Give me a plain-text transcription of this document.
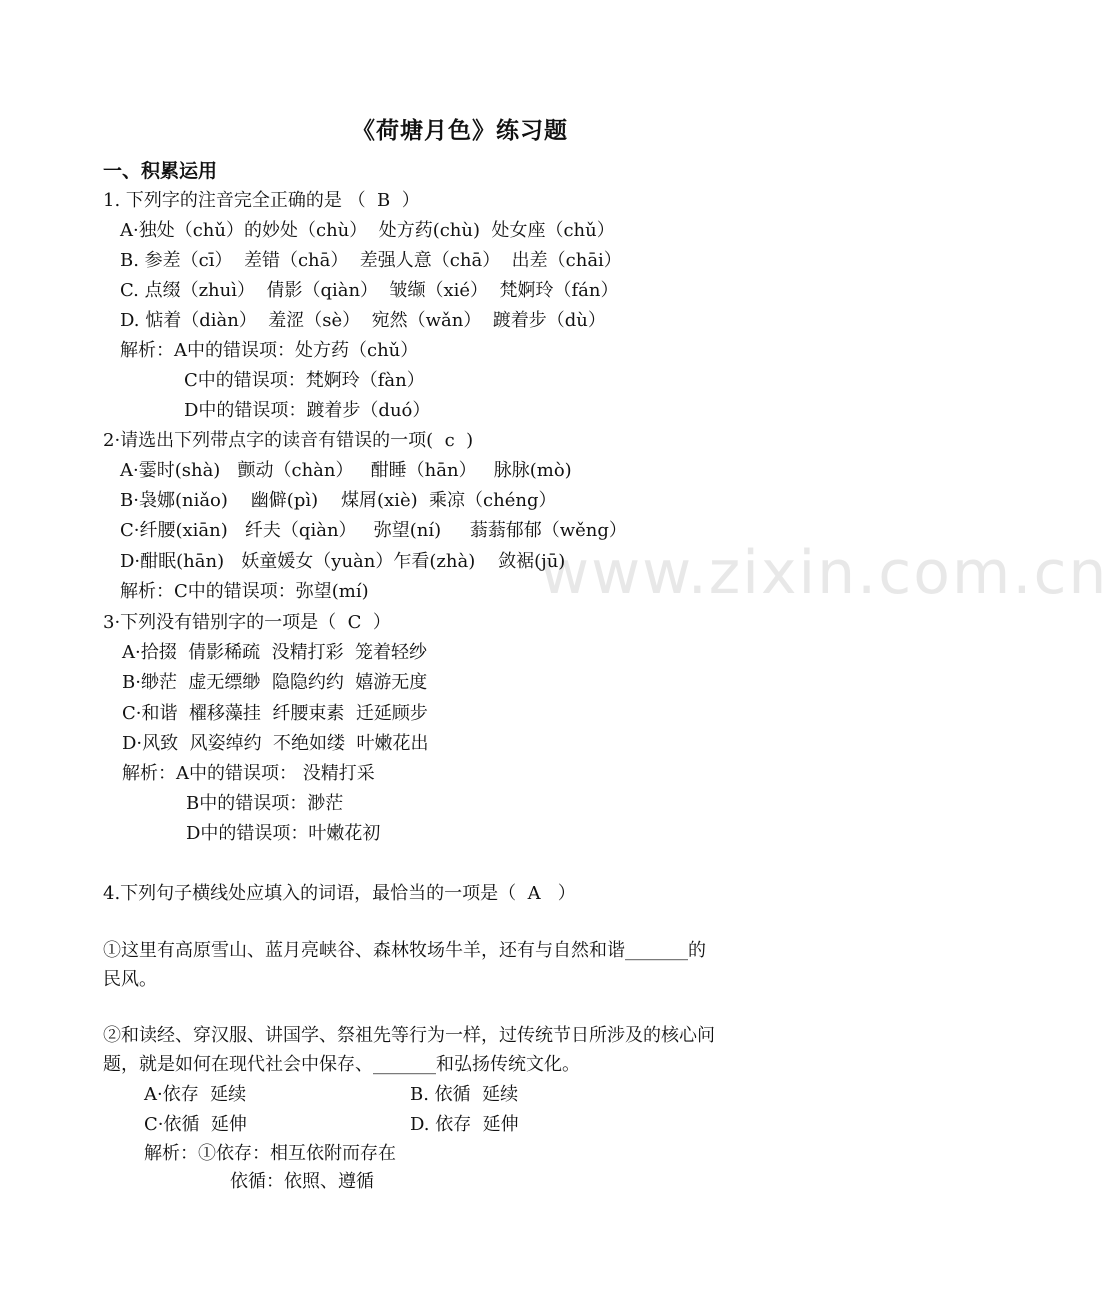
www.zixin.com.cn
《荷塘月色》练习题
一、积累运用
1. 下列字的注音完全正确的是 （  B  ）
A·独处（chǔ）的妙处（chù）  处方药(chù)  处女座（chǔ）
B. 参差（cī）  差错（chā）  差强人意（chā）  出差（chāi）
C. 点缀（zhuì）  倩影（qiàn）  皱缬（xié）  梵婀玲（fán）
D. 惦着（diàn）  羞涩（sè）  宛然（wǎn）  踱着步（dù）
解析：A中的错误项：处方药（chǔ）
C中的错误项：梵婀玲（fàn）
D中的错误项：踱着步（duó）
2·请选出下列带点字的读音有错误的一项(  c  )
A·霎时(shà)   颤动（chàn）   酣睡（hān）   脉脉(mò)
B·袅娜(niǎo)    幽僻(pì)    煤屑(xiè)  乘凉（chéng）
C·纤腰(xiān)   纤夫（qiàn）   弥望(ní)     蓊蓊郁郁（wěng）
D·酣眠(hān)   妖童媛女（yuàn）乍看(zhà)    敛裾(jū)
解析：C中的错误项：弥望(mí)
3·下列没有错别字的一项是（  C  ）
A·拾掇  倩影稀疏  没精打彩  笼着轻纱
B·缈茫  虚无缥缈  隐隐约约  嬉游无度
C·和谐  櫂移藻挂  纤腰束素  迁延顾步
D·风致  风姿绰约  不绝如缕  叶嫩花出
解析：A中的错误项： 没精打采
B中的错误项：渺茫
D中的错误项：叶嫩花初
4.下列句子横线处应填入的词语，最恰当的一项是（  A   ）
①这里有高原雪山、蓝月亮峡谷、森林牧场牛羊，还有与自然和谐_______的
民风。
②和读经、穿汉服、讲国学、祭祖先等行为一样，过传统节日所涉及的核心问
题，就是如何在现代社会中保存、_______和弘扬传统文化。
A·依存  延续	B. 依循  延续
C·依循  延伸	D. 依存  延伸
解析：①依存：相互依附而存在
依循：依照、遵循
